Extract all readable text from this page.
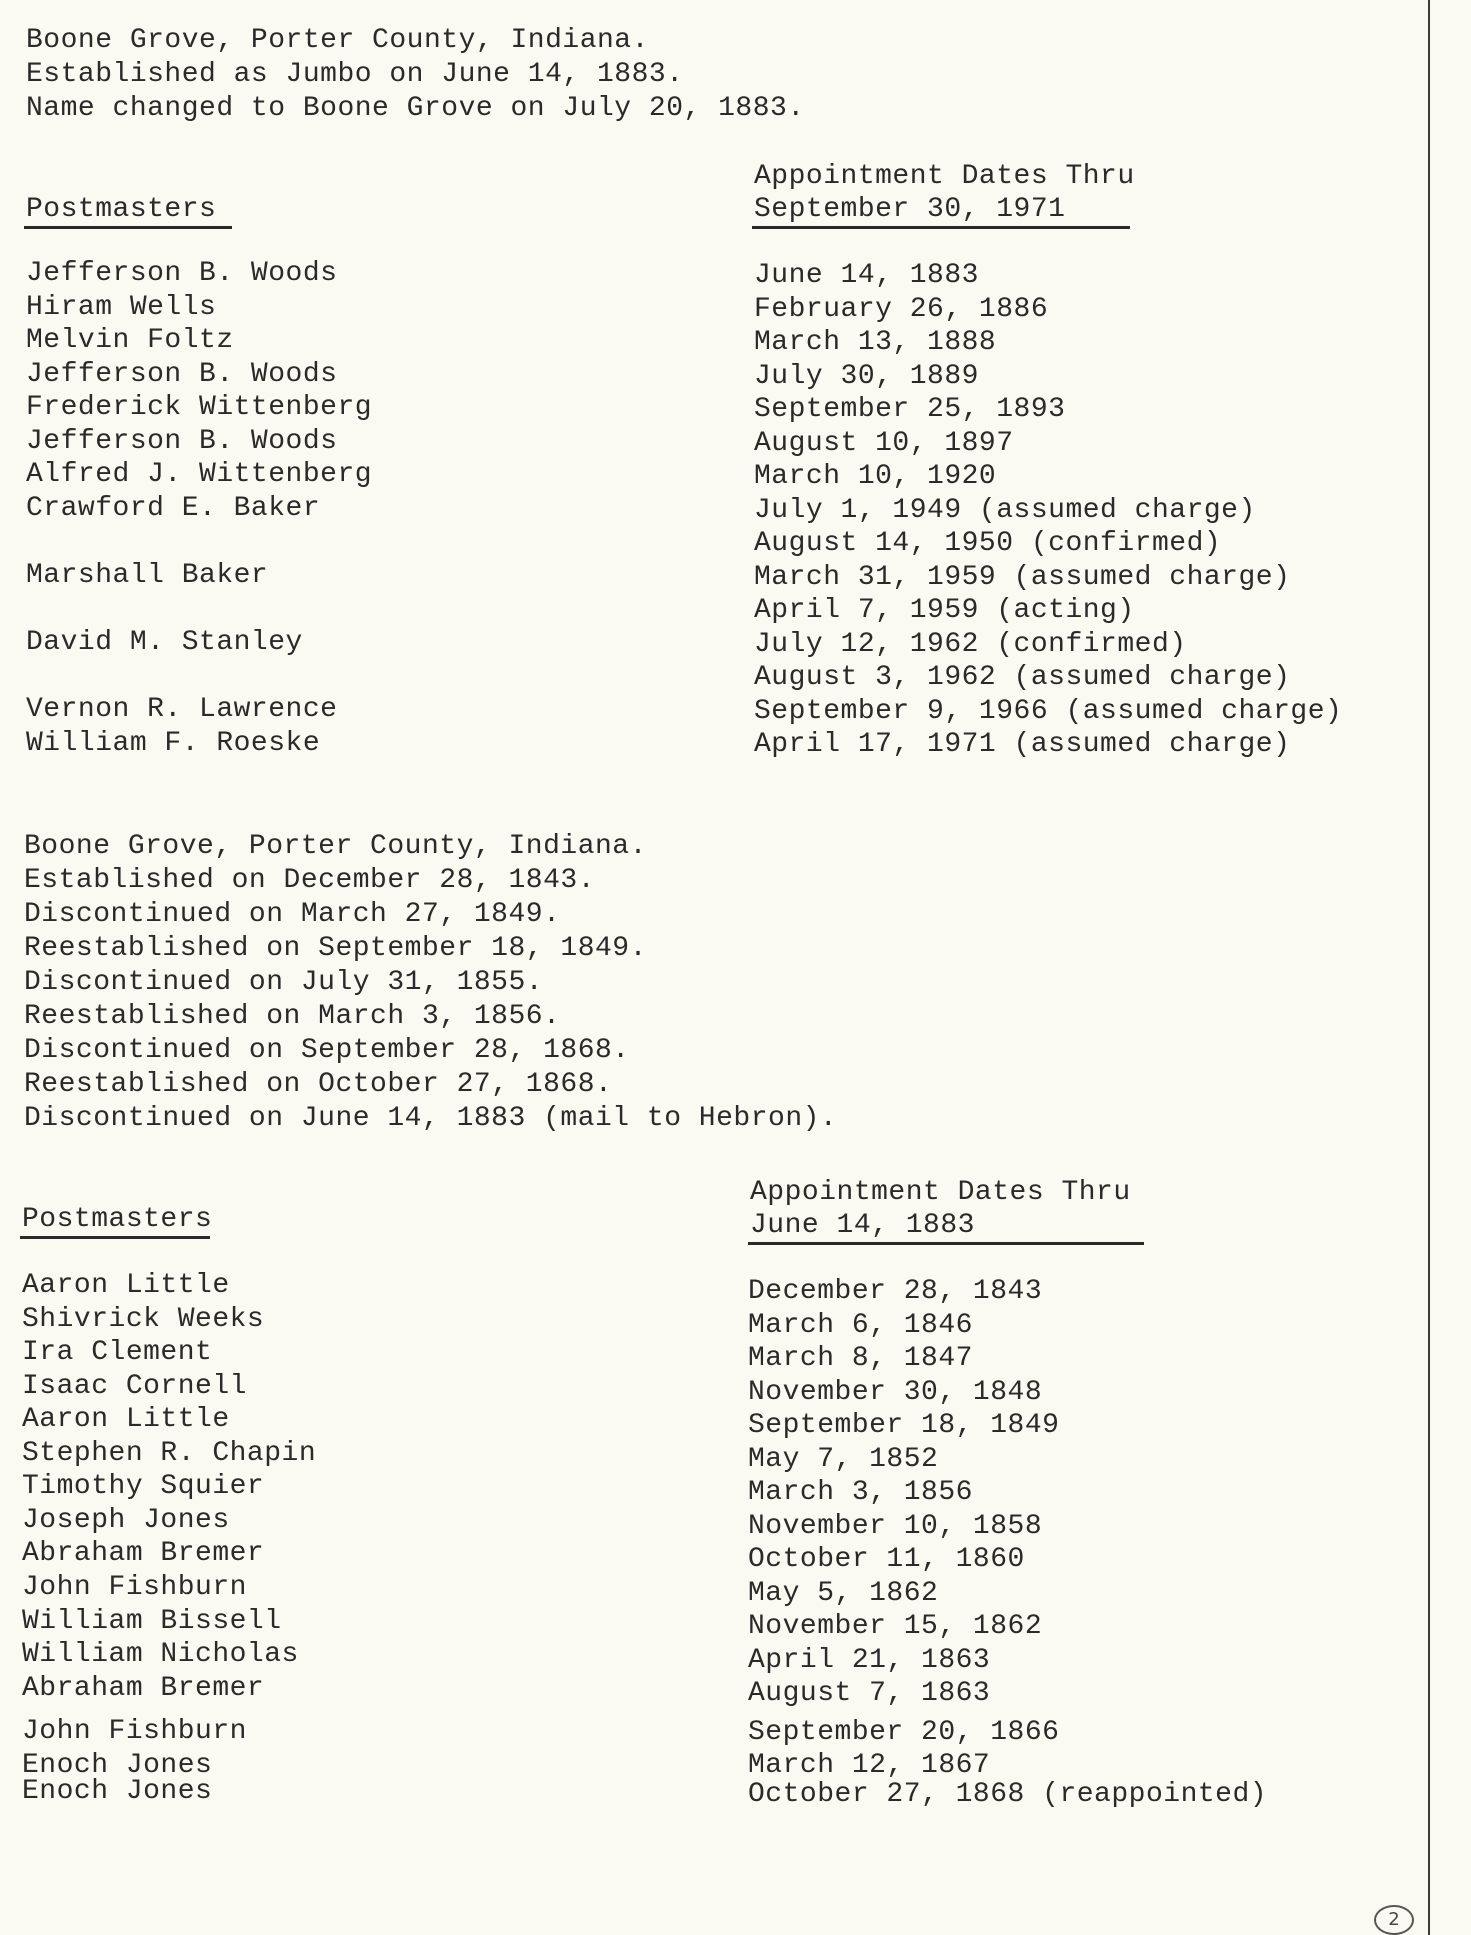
Boone Grove, Porter County, Indiana.
Established as Jumbo on June 14, 1883.
Name changed to Boone Grove on July 20, 1883.
Postmasters
Appointment Dates Thru
September 30, 1971
Jefferson B. Woods
Hiram Wells
Melvin Foltz
Jefferson B. Woods
Frederick Wittenberg
Jefferson B. Woods
Alfred J. Wittenberg
Crawford E. Baker
Marshall Baker
David M. Stanley
Vernon R. Lawrence
William F. Roeske
June 14, 1883
February 26, 1886
March 13, 1888
July 30, 1889
September 25, 1893
August 10, 1897
March 10, 1920
July 1, 1949 (assumed charge)
August 14, 1950 (confirmed)
March 31, 1959 (assumed charge)
April 7, 1959 (acting)
July 12, 1962 (confirmed)
August 3, 1962 (assumed charge)
September 9, 1966 (assumed charge)
April 17, 1971 (assumed charge)
Boone Grove, Porter County, Indiana.
Established on December 28, 1843.
Discontinued on March 27, 1849.
Reestablished on September 18, 1849.
Discontinued on July 31, 1855.
Reestablished on March 3, 1856.
Discontinued on September 28, 1868.
Reestablished on October 27, 1868.
Discontinued on June 14, 1883 (mail to Hebron).
Postmasters
Appointment Dates Thru
June 14, 1883
Aaron Little
Shivrick Weeks
Ira Clement
Isaac Cornell
Aaron Little
Stephen R. Chapin
Timothy Squier
Joseph Jones
Abraham Bremer
John Fishburn
William Bissell
William Nicholas
Abraham Bremer
John Fishburn
Enoch Jones
Enoch Jones
December 28, 1843
March 6, 1846
March 8, 1847
November 30, 1848
September 18, 1849
May 7, 1852
March 3, 1856
November 10, 1858
October 11, 1860
May 5, 1862
November 15, 1862
April 21, 1863
August 7, 1863
September 20, 1866
March 12, 1867
October 27, 1868 (reappointed)
2
